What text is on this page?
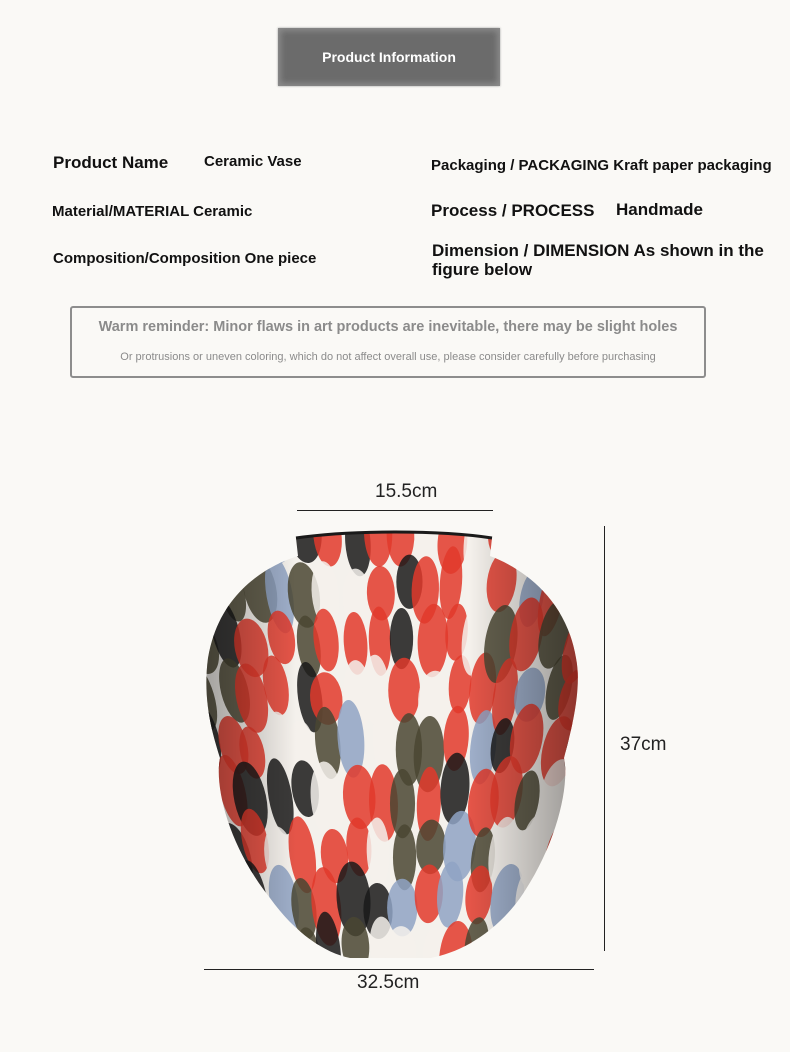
Product Information
Product Name Ceramic Vase	Packaging / PACKAGING Kraft paper packaging
Material/MATERIAL Ceramic	Process / PROCESS Handmade
Composition/Composition One piece	Dimension / DIMENSION As shown in the
figure below
Warm reminder: Minor flaws in art products are inevitable, there may be slight holes
Or protrusions or uneven coloring, which do not affect overall use, please consider carefully before purchasing
15.5cm
37cm
32.5cm
